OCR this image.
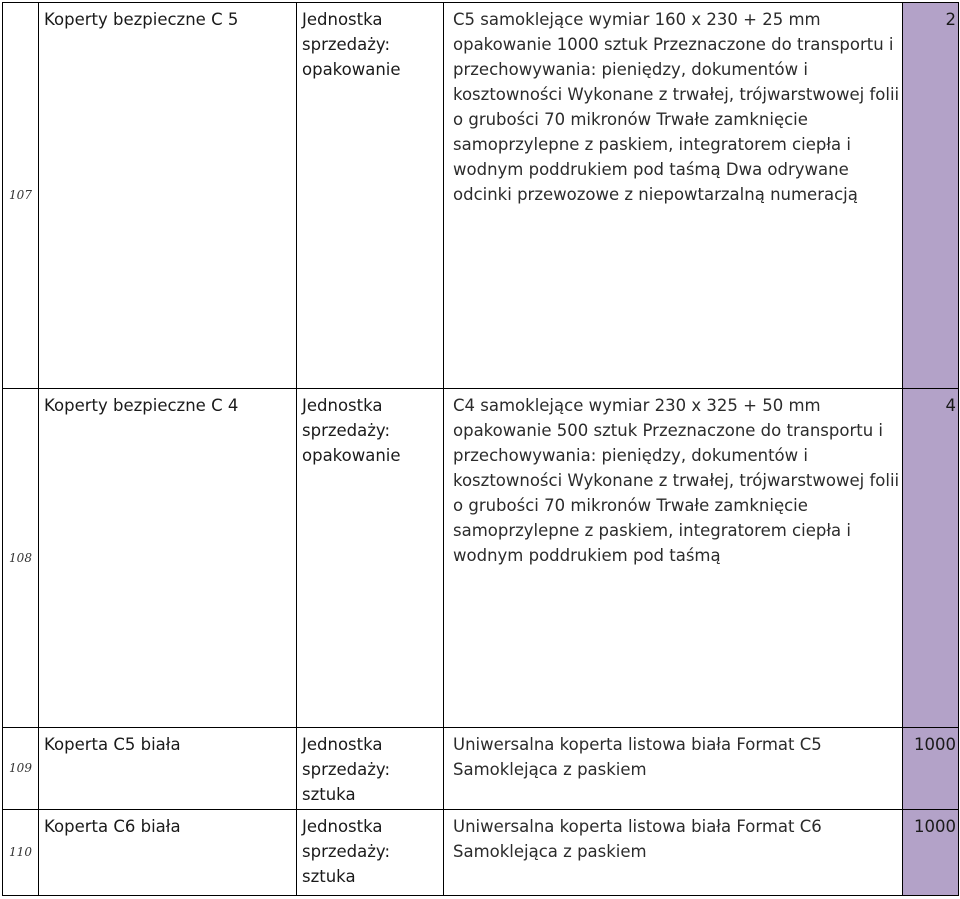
107	Koperty bezpieczne C 5	Jednostka sprzedaży:
opakowanie	C5 samoklejące wymiar 160 x 230 + 25 mm opakowanie 1000 sztuk Przeznaczone do transportu i przechowywania: pieniędzy, dokumentów i kosztowności Wykonane z trwałej, trójwarstwowej folii o grubości 70 mikronów Trwałe zamknięcie samoprzylepne z paskiem, integratorem ciepła i wodnym poddrukiem pod taśmą Dwa odrywane odcinki przewozowe z niepowtarzalną numeracją	2
108	Koperty bezpieczne C 4	Jednostka sprzedaży:
opakowanie	C4 samoklejące wymiar 230 x 325 + 50 mm opakowanie 500 sztuk Przeznaczone do transportu i przechowywania: pieniędzy, dokumentów i kosztowności Wykonane z trwałej, trójwarstwowej folii o grubości 70 mikronów Trwałe zamknięcie samoprzylepne z paskiem, integratorem ciepła i wodnym poddrukiem pod taśmą	4
109	Koperta C5 biała	Jednostka sprzedaży:
sztuka	Uniwersalna koperta listowa biała Format C5 Samoklejąca z paskiem	1000
110	Koperta C6 biała	Jednostka sprzedaży:
sztuka	Uniwersalna koperta listowa biała Format C6 Samoklejąca z paskiem	1000
